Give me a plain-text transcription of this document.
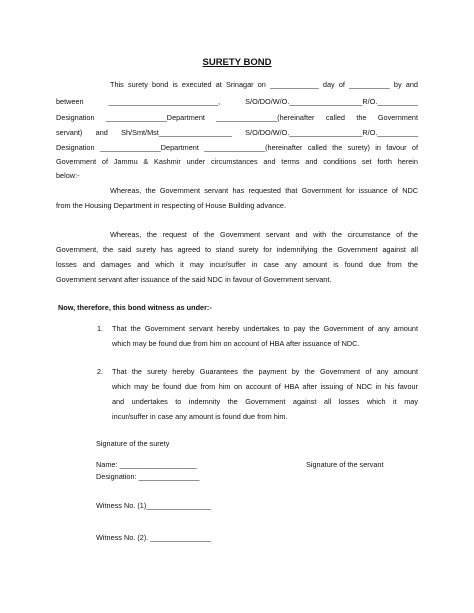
SURETY BOND
This surety bond is executed at Srinagar on ____________ day of __________ by and
between ___________________________, S/O/DO/W/O.__________________R/O.__________
Designation _______________Department _______________(hereinafter called the Government
servant) and Sh/Smt/Mst__________________ S/O/DO/W/O.__________________R/O.__________
Designation _______________Department _______________(hereinafter called the surety) in favour of
Government of Jammu & Kashmir under circumstances and terms and conditions set forth herein
below:-
Whereas, the Government servant has requested that Government for issuance of NDC
from the Housing Department in respecting of House Building advance.
Whereas, the request of the Government servant and with the circumstance of the
Government, the said surety has agreed to stand surety for indemnifying the Government against all
losses and damages and which it may incur/suffer in case any amount is found due from the
Government servant after issuance of the said NDC in favour of Government servant.
Now, therefore, this bond witness as under:-
1. That the Government servant hereby undertakes to pay the Government of any amount
which may be found due from him on account of HBA after issuance of NDC.
2. That the surety hereby Guarantees the payment by the Government of any amount
which may be found due from him on account of HBA after issuing of NDC in his favour
and undertakes to indemnity the Government against all losses which it may
incur/suffer in case any amount is found due from him.
Signature of the surety
Name: ___________________	Signature of the servant
Designation: _______________
Witness No. (1)________________
Witness No. (2). _______________
